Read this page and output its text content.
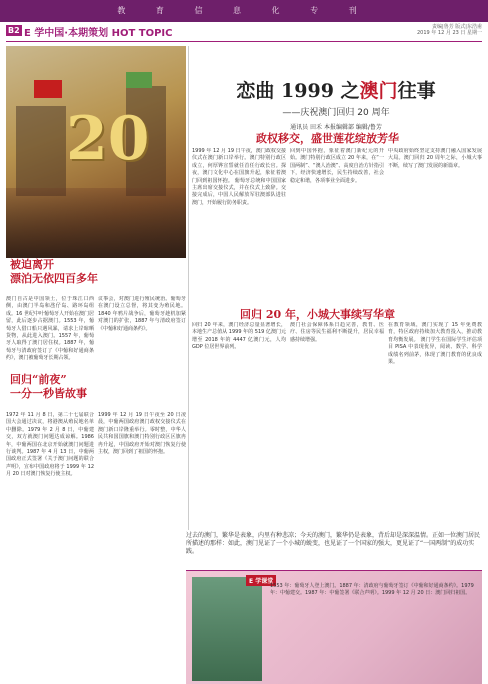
教 育 信 息 化 专 刊
B2 E 学中国·本期策划 HOT TOPIC
责编|鲁芳 版式|东浩甫
2019 年 12 月 23 日 星期一
20
恋曲 1999 之澳门往事
——庆祝澳门回归 20 周年
通讯员 田禾 本报编辑部 编辑/鲁芳
政权移交，盛世莲花绽放芳华
回归 20 年，小城大事续写华章
被迫离开
漂泊无依四百多年
澳门自古是中国领土，位于珠江口西侧，由澳门半岛和氹仔岛、路环岛组成。16 世纪中叶葡萄牙人开始在澳门居留，此后逐步占据澳门。1553 年，葡萄牙人借口船只遇风暴，请求上岸晾晒货物，从此进入澳门。1557 年，葡萄牙人取得了澳门居住权。1887 年，葡萄牙与清政府签订了《中葡和好通商条约》，澳门被葡萄牙长期占领。
议事会，对澳门进行殖民统治。葡萄牙在澳门设立总督，将其变为殖民地。1840 年鸦片战争后，葡萄牙趁机加紧对澳门的扩张，1887 年与清政府签订《中葡和好通商条约》。
回归“前夜”
一分一秒皆故事
1972 年 11 月 8 日，第二十七届联合国大会通过决议，将港澳从殖民地名单中删除。1979 年 2 月 8 日，中葡建交，双方就澳门问题达成谅解。1986 年，中葡两国在北京开始就澳门问题进行谈判。1987 年 4 月 13 日，中葡两国政府正式签署《关于澳门问题的联合声明》，宣布中国政府将于 1999 年 12 月 20 日对澳门恢复行使主权。
1999 年 12 月 19 日午夜至 20 日凌晨，中葡两国政府澳门政权交接仪式在澳门新口岸隆重举行。零时整，中华人民共和国国旗和澳门特别行政区区旗冉冉升起，中国政府开始对澳门恢复行使主权，澳门回到了祖国的怀抱。
1999 年 12 月 19 日午夜，澳门政权交接仪式在澳门新口岸举行。澳门特别行政区成立，何厚铧宣誓就任首任行政长官。探夜，澳门文化中心在国旗升起，象征着澳门回到祖国怀抱。 葡萄牙总统和中国国家主席出席交接仪式，并在仪式上致辞。交接完成后，中国人民解放军驻澳部队进驻澳门，开始履行防务职责。
回到中国怀抱，象征着澳门新纪元的开始。澳门特别行政区成立 20 年来，在“一国两制”、“澳人治澳”、高度自治方针指引下，经济快速增长，民生持续改善，社会稳定和谐，各项事业全面进步。
中央政府始终坚定支持澳门融入国家发展大局。澳门回归 20 周年之际，小城大事不断，续写了澳门发展的新篇章。
回归 20 年来，澳门经济总量显著增长，本地生产总值从 1999 年的 519 亿澳门元增至 2018 年的 4447 亿澳门元，人均 GDP 位居世界前列。
澳门社会保障体系日趋完善，教育、医疗、住房等民生福利不断提升，居民幸福感持续增强。
在教育领域，澳门实现了 15 年免费教育，特区政府持续加大教育投入，推动教育均衡发展。 澳门学生在国际学生评估项目 PISA 中表现优异，阅读、数学、科学成绩名列前茅，体现了澳门教育的优良成果。
过去的澳门，繁华是表象，内里有种悲凉；今天的澳门，繁华仍是表象，背后却是深深温情。正如一位澳门居民所描述的那样：如此，澳门见证了一个小城的蜕变，也见证了一个国家的强大，更见证了“一国两制”的成功实践。
E 学课堂
1553 年：葡萄牙人登上澳门。1887 年：清政府与葡萄牙签订《中葡和好通商条约》。1979 年：中葡建交。1987 年：中葡签署《联合声明》。1999 年 12 月 20 日：澳门回归祖国。
